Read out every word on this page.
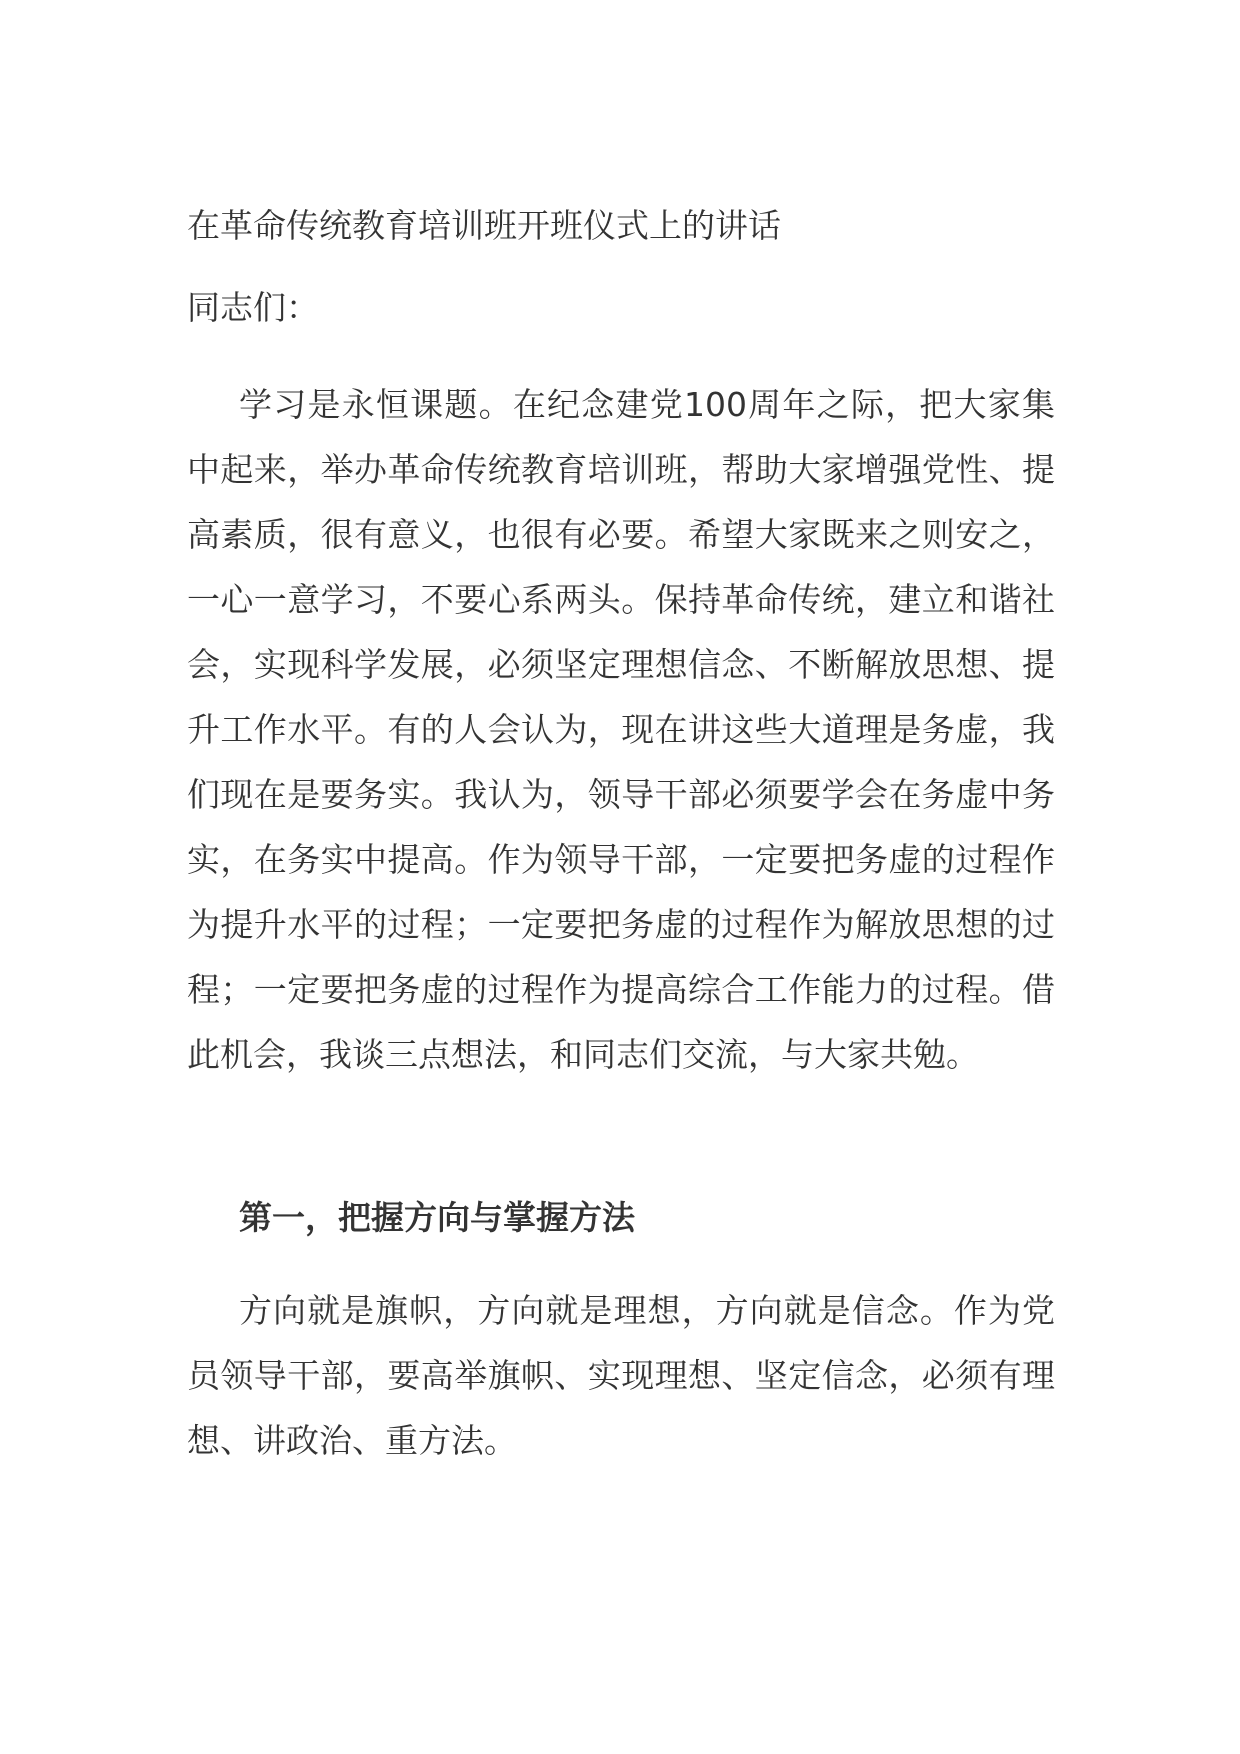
在革命传统教育培训班开班仪式上的讲话
同志们：

学习是永恒课题。在纪念建党100周年之际，把大家集中起来，举办革命传统教育培训班，帮助大家增强党性、提高素质，很有意义，也很有必要。希望大家既来之则安之，一心一意学习，不要心系两头。保持革命传统，建立和谐社会，实现科学发展，必须坚定理想信念、不断解放思想、提升工作水平。有的人会认为，现在讲这些大道理是务虚，我们现在是要务实。我认为，领导干部必须要学会在务虚中务实，在务实中提高。作为领导干部，一定要把务虚的过程作为提升水平的过程；一定要把务虚的过程作为解放思想的过程；一定要把务虚的过程作为提高综合工作能力的过程。借此机会，我谈三点想法，和同志们交流，与大家共勉。

第一，把握方向与掌握方法

方向就是旗帜，方向就是理想，方向就是信念。作为党员领导干部，要高举旗帜、实现理想、坚定信念，必须有理想、讲政治、重方法。
